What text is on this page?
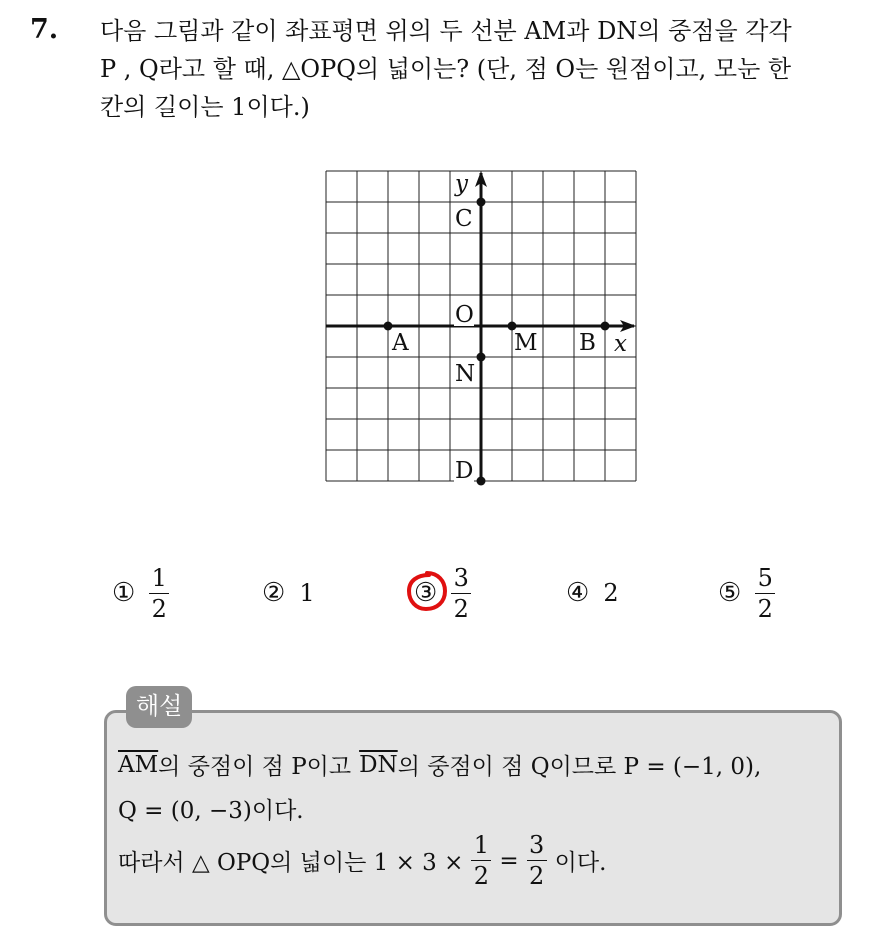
7. 다음 그림과 같이 좌표평면 위의 두 선분 AM과 DN의 중점을 각각
P , Q라고 할 때, △OPQ의 넓이는? (단, 점 O는 원점이고, 모눈 한
칸의 길이는 1이다.)
x
y
A	B
C
D
M
N
O
① $\frac{1}{2}$	② 1	③ $\frac{3}{2}$	④ 2	⑤ $\frac{5}{2}$
해설
$\overline{AM}$ 의 중점이 점 P이고 $\overline{DN}$ 의 중점이 점 Q이므로 P = (−1, 0),
Q = (0, −3)이다.
따라서 △ OPQ의 넓이는 $1 \times 3 \times \frac{1}{2} = \frac{3}{2}$ 이다.
